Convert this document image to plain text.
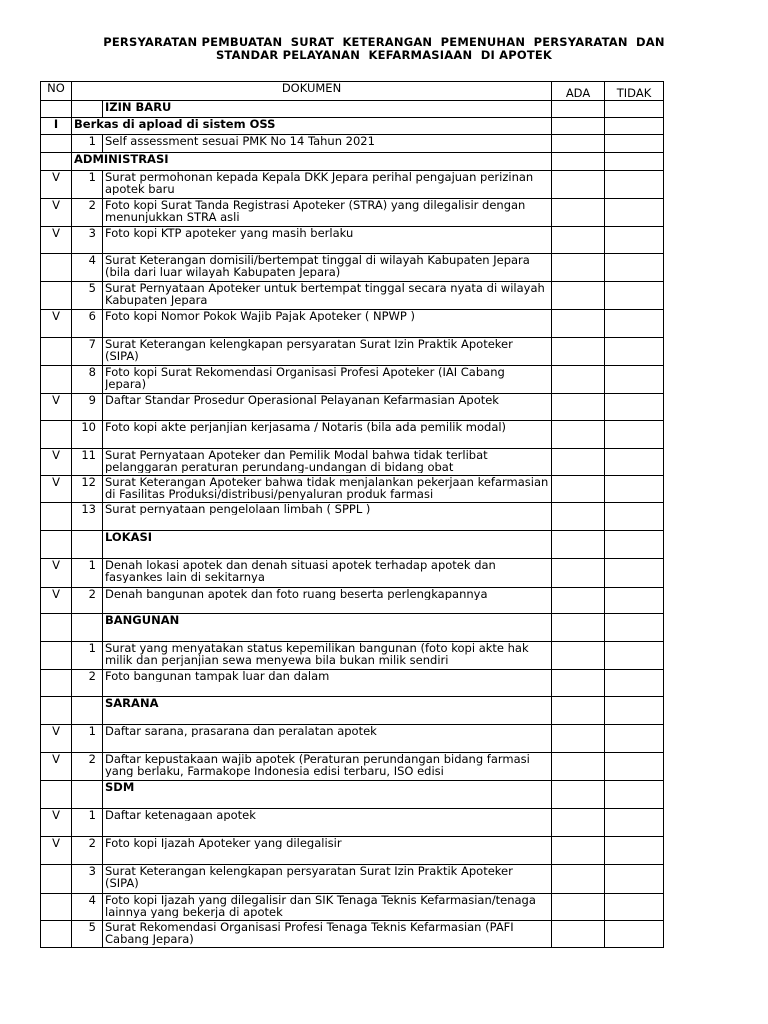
PERSYARATAN PEMBUATAN  SURAT  KETERANGAN  PEMENUHAN  PERSYARATAN  DAN
STANDAR PELAYANAN  KEFARMASIAAN  DI APOTEK
NO	DOKUMEN		ADA	TIDAK

		IZIN BARU		

I	Berkas di apload di sistem OSS			
	1	Self assessment sesuai PMK No 14 Tahun 2021		

	ADMINISTRASI			
V	1	Surat permohonan kepada Kepala DKK Jepara perihal pengajuan perizinan apotek baru		

V	2	Foto kopi Surat Tanda Registrasi Apoteker (STRA) yang dilegalisir dengan menunjukkan STRA asli		

V	3	Foto kopi KTP apoteker yang masih berlaku		

	4	Surat Keterangan domisili/bertempat tinggal di wilayah Kabupaten Jepara (bila dari luar wilayah Kabupaten Jepara)		

	5	Surat Pernyataan Apoteker untuk bertempat tinggal secara nyata di wilayah Kabupaten Jepara		

V	6	Foto kopi Nomor Pokok Wajib Pajak Apoteker ( NPWP )		

	7	Surat Keterangan kelengkapan persyaratan Surat Izin Praktik Apoteker (SIPA)		

	8	Foto kopi Surat Rekomendasi Organisasi Profesi Apoteker (IAI Cabang Jepara)		

V	9	Daftar Standar Prosedur Operasional Pelayanan Kefarmasian Apotek		

	10	Foto kopi akte perjanjian kerjasama / Notaris (bila ada pemilik modal)		

V	11	Surat Pernyataan Apoteker dan Pemilik Modal bahwa tidak terlibat pelanggaran peraturan perundang-undangan di bidang obat		

V	12	Surat Keterangan Apoteker bahwa tidak menjalankan pekerjaan kefarmasian di Fasilitas Produksi/distribusi/penyaluran produk farmasi		

	13	Surat pernyataan pengelolaan limbah ( SPPL )		

		LOKASI		

V	1	Denah lokasi apotek dan denah situasi apotek terhadap apotek dan fasyankes lain di sekitarnya		

V	2	Denah bangunan apotek dan foto ruang beserta perlengkapannya		

		BANGUNAN		

	1	Surat yang menyatakan status kepemilikan bangunan (foto kopi akte hak milik dan perjanjian sewa menyewa bila bukan milik sendiri		

	2	Foto bangunan tampak luar dan dalam		

		SARANA		

V	1	Daftar sarana, prasarana dan peralatan apotek		

V	2	Daftar kepustakaan wajib apotek (Peraturan perundangan bidang farmasi yang berlaku, Farmakope Indonesia edisi terbaru, ISO edisi		

		SDM		

V	1	Daftar ketenagaan apotek		

V	2	Foto kopi Ijazah Apoteker yang dilegalisir		

	3	Surat Keterangan kelengkapan persyaratan Surat Izin Praktik Apoteker (SIPA)		

	4	Foto kopi Ijazah yang dilegalisir dan SIK Tenaga Teknis Kefarmasian/tenaga lainnya yang bekerja di apotek		

	5	Surat Rekomendasi Organisasi Profesi Tenaga Teknis Kefarmasian (PAFI Cabang Jepara)		
